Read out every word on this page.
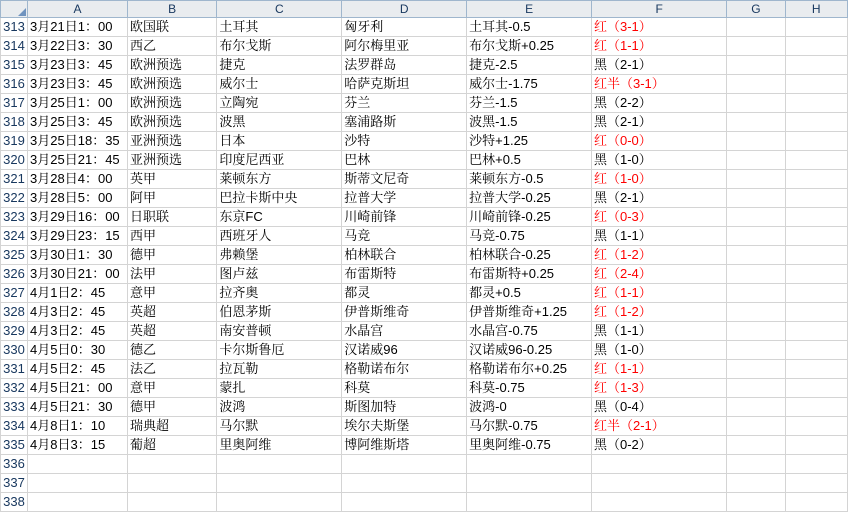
	A	B	C	D	E	F	G	H
313	3月21日1：00	欧国联	土耳其	匈牙利	土耳其-0.5	红（3-1）		
314	3月22日3：30	西乙	布尔戈斯	阿尔梅里亚	布尔戈斯+0.25	红（1-1）		
315	3月23日3：45	欧洲预选	捷克	法罗群岛	捷克-2.5	黑（2-1）		
316	3月23日3：45	欧洲预选	威尔士	哈萨克斯坦	威尔士-1.75	红半（3-1）		
317	3月25日1：00	欧洲预选	立陶宛	芬兰	芬兰-1.5	黑（2-2）		
318	3月25日3：45	欧洲预选	波黑	塞浦路斯	波黑-1.5	黑（2-1）		
319	3月25日18：35	亚洲预选	日本	沙特	沙特+1.25	红（0-0）		
320	3月25日21：45	亚洲预选	印度尼西亚	巴林	巴林+0.5	黑（1-0）		
321	3月28日4：00	英甲	莱顿东方	斯蒂文尼奇	莱顿东方-0.5	红（1-0）		
322	3月28日5：00	阿甲	巴拉卡斯中央	拉普大学	拉普大学-0.25	黑（2-1）		
323	3月29日16：00	日职联	东京FC	川崎前锋	川崎前锋-0.25	红（0-3）		
324	3月29日23：15	西甲	西班牙人	马竞	马竞-0.75	黑（1-1）		
325	3月30日1：30	德甲	弗赖堡	柏林联合	柏林联合-0.25	红（1-2）		
326	3月30日21：00	法甲	图卢兹	布雷斯特	布雷斯特+0.25	红（2-4）		
327	4月1日2：45	意甲	拉齐奥	都灵	都灵+0.5	红（1-1）		
328	4月3日2：45	英超	伯恩茅斯	伊普斯维奇	伊普斯维奇+1.25	红（1-2）		
329	4月3日2：45	英超	南安普顿	水晶宫	水晶宫-0.75	黑（1-1）		
330	4月5日0：30	德乙	卡尔斯鲁厄	汉诺威96	汉诺威96-0.25	黑（1-0）		
331	4月5日2：45	法乙	拉瓦勒	格勒诺布尔	格勒诺布尔+0.25	红（1-1）		
332	4月5日21：00	意甲	蒙扎	科莫	科莫-0.75	红（1-3）		
333	4月5日21：30	德甲	波鸿	斯图加特	波鸿-0	黑（0-4）		
334	4月8日1：10	瑞典超	马尔默	埃尔夫斯堡	马尔默-0.75	红半（2-1）		
335	4月8日3：15	葡超	里奥阿维	博阿维斯塔	里奥阿维-0.75	黑（0-2）		
336								
337								
338								
